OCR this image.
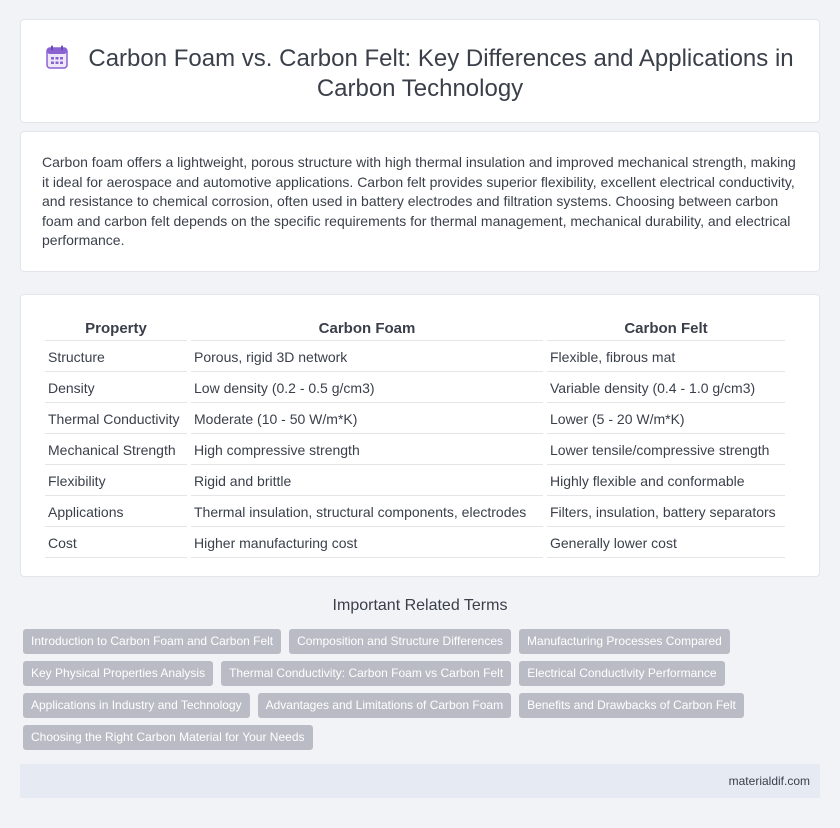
Carbon Foam vs. Carbon Felt: Key Differences and Applications in Carbon Technology

Carbon foam offers a lightweight, porous structure with high thermal insulation and improved mechanical strength, making it ideal for aerospace and automotive applications. Carbon felt provides superior flexibility, excellent electrical conductivity, and resistance to chemical corrosion, often used in battery electrodes and filtration systems. Choosing between carbon foam and carbon felt depends on the specific requirements for thermal management, mechanical durability, and electrical performance.

Property	Carbon Foam	Carbon Felt
Structure	Porous, rigid 3D network	Flexible, fibrous mat
Density	Low density (0.2 - 0.5 g/cm3)	Variable density (0.4 - 1.0 g/cm3)
Thermal Conductivity	Moderate (10 - 50 W/m*K)	Lower (5 - 20 W/m*K)
Mechanical Strength	High compressive strength	Lower tensile/compressive strength
Flexibility	Rigid and brittle	Highly flexible and conformable
Applications	Thermal insulation, structural components, electrodes	Filters, insulation, battery separators
Cost	Higher manufacturing cost	Generally lower cost
Important Related Terms
Introduction to Carbon Foam and Carbon Felt	Composition and Structure Differences	Manufacturing Processes Compared
Key Physical Properties Analysis	Thermal Conductivity: Carbon Foam vs Carbon Felt	Electrical Conductivity Performance
Applications in Industry and Technology	Advantages and Limitations of Carbon Foam	Benefits and Drawbacks of Carbon Felt
Choosing the Right Carbon Material for Your Needs
materialdif.com
